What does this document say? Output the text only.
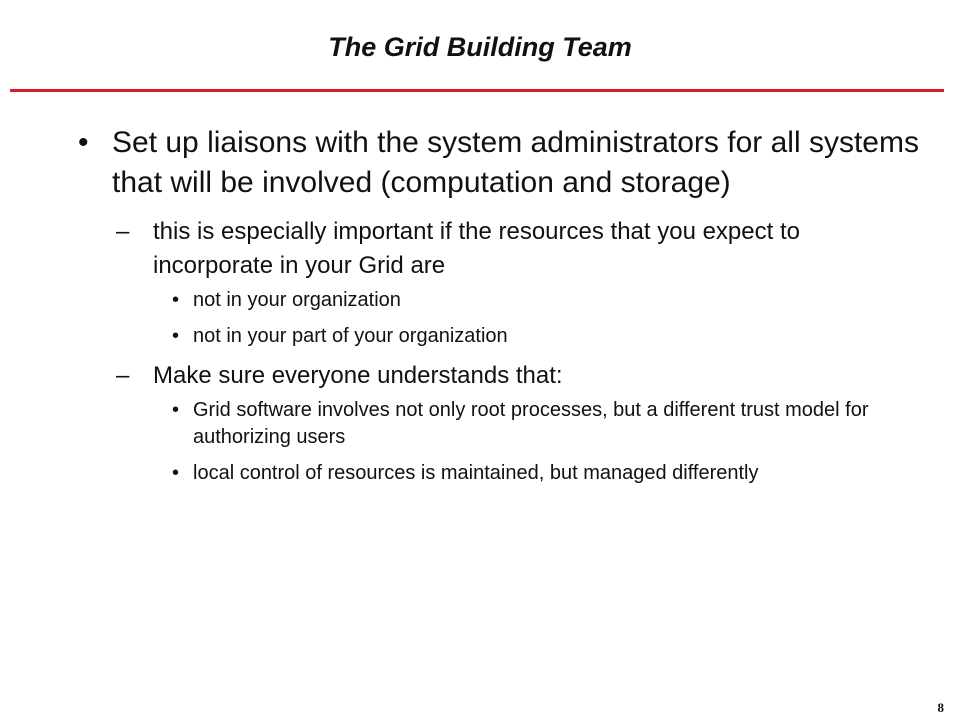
The Grid Building Team
• Set up liaisons with the system administrators for all systems that will be involved (computation and storage)
– this is especially important if the resources that you expect to incorporate in your Grid are
• not in your organization
• not in your part of your organization
– Make sure everyone understands that:
• Grid software involves not only root processes, but a different trust model for authorizing users
• local control of resources is maintained, but managed differently
8
